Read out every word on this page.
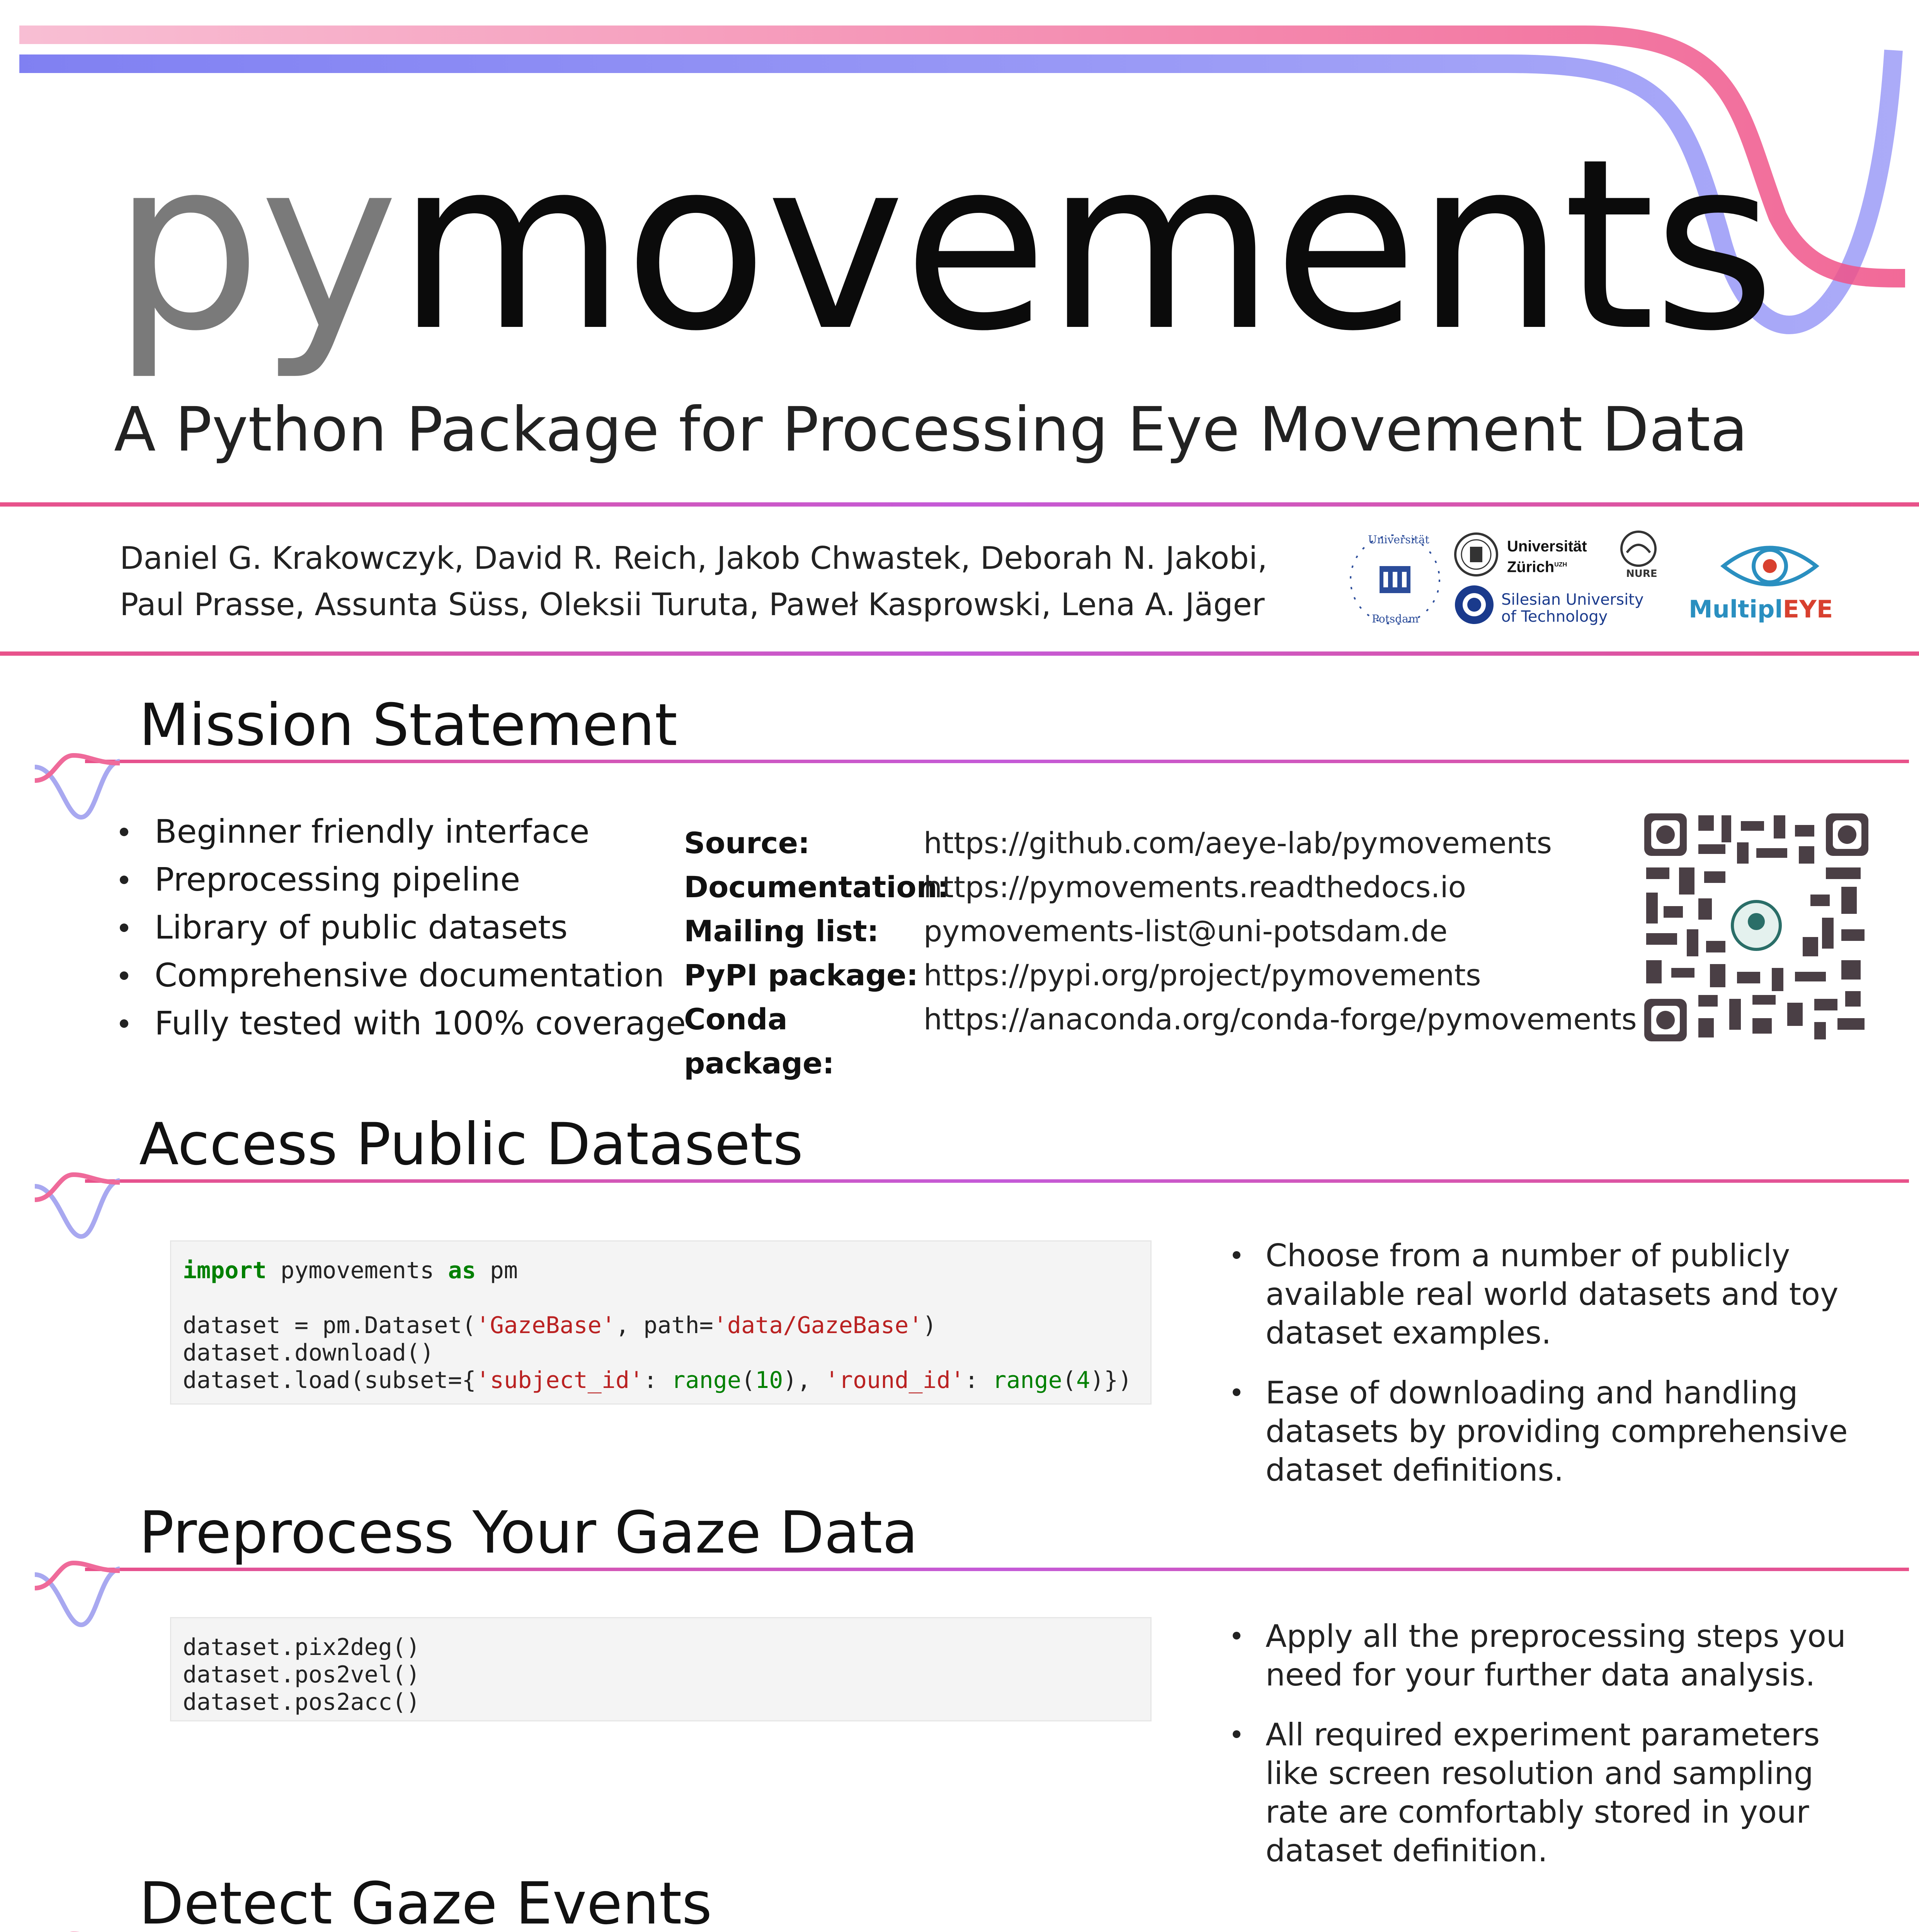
pymovements
A Python Package for Processing Eye Movement Data
Daniel G. Krakowczyk, David R. Reich, Jakob Chwastek, Deborah N. Jakobi,
Paul Prasse, Assunta Süss, Oleksii Turuta, Paweł Kasprowski, Lena A. Jäger
Universität
Potsdam
Universität
Zürich$^{UZH}$
NURE
Silesian University
of Technology	MultiplEYE
Mission Statement
Beginner friendly interface
Preprocessing pipeline
Library of public datasets
Comprehensive documentation
Fully tested with 100% coverage
Source:	https://github.com/aeye-lab/pymovements
Documentation:
https://pymovements.readthedocs.io
Mailing list:	pymovements-list@uni-potsdam.de
PyPI package: https://pypi.org/project/pymovements
Conda package:
https://anaconda.org/conda-forge/pymovements
Access Public Datasets
import pymovements as pm

dataset = pm.Dataset('GazeBase', path='data/GazeBase')
dataset.download()
dataset.load(subset={'subject_id': range(10), 'round_id': range(4)})
Choose from a number of publicly available real world datasets and toy dataset examples.
Ease of downloading and handling datasets by providing comprehensive dataset definitions.
Preprocess Your Gaze Data
dataset.pix2deg()
dataset.pos2vel()
dataset.pos2acc()
Apply all the preprocessing steps you need for your further data analysis.
All required experiment parameters like screen resolution and sampling rate are comfortably stored in your dataset definition.
Detect Gaze Events
